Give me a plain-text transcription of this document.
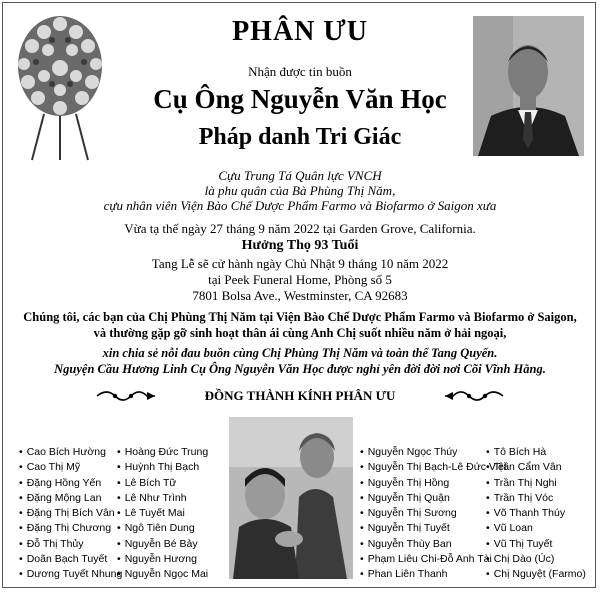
PHÂN ƯU
Nhận được tin buồn
Cụ Ông Nguyễn Văn Học
Pháp danh Tri Giác
Cựu Trung Tá Quân lực VNCH
là phu quân của Bà Phùng Thị Năm,
cựu nhân viên Viện Bào Chế Dược Phẩm Farmo và Biofarmo ở Saigon xưa
Vừa tạ thế ngày 27 tháng 9 năm 2022 tại Garden Grove, California.
Hưởng Thọ 93 Tuổi
Tang Lễ sẽ cử hành ngày Chủ Nhật 9 tháng 10 năm 2022
tại Peek Funeral Home, Phòng số 5
7801 Bolsa Ave., Westminster, CA 92683
Chúng tôi, các bạn của Chị Phùng Thị Năm tại Viện Bào Chế Dược Phẩm Farmo và Biofarmo ở Saigon,
và thường gặp gỡ sinh hoạt thân ái cùng Anh Chị suốt nhiều năm ở hải ngoại,
xin chia sẻ nỗi đau buồn cùng Chị Phùng Thị Năm và toàn thể Tang Quyến.
Nguyện Cầu Hương Linh Cụ Ông Nguyễn Văn Học được nghỉ yên đời đời nơi Cõi Vĩnh Hằng.
ĐỒNG THÀNH KÍNH PHÂN ƯU
• Cao Bích Hường
• Cao Thị Mỹ
• Đặng Hồng Yến
• Đặng Mộng Lan
• Đặng Thị Bích Vân
• Đặng Thị Chương
• Đỗ Thị Thủy
• Doãn Bạch Tuyết
• Dương Tuyết Nhung
• Hoàng Đức Trung
• Huỳnh Thị Bạch
• Lê Bích Tữ
• Lê Như Trình
• Lê Tuyết Mai
• Ngô Tiên Dung
• Nguyễn Bé Bảy
• Nguyễn Hương
• Nguyễn Ngọc Mai
• Nguyễn Ngọc Thúy
• Nguyễn Thị Bạch-Lê Đức Việt
• Nguyễn Thị Hồng
• Nguyễn Thị Quận
• Nguyễn Thị Sương
• Nguyễn Thị Tuyết
• Nguyễn Thùy Ban
• Phạm Liêu Chi-Đỗ Anh Tài
• Phan Liên Thanh
• Tô Bích Hà
• Trần Cẩm Vân
• Trần Thị Nghi
• Trần Thị Vóc
• Võ Thanh Thúy
• Vũ Loan
• Vũ Thị Tuyết
• Chị Dào (Úc)
• Chị Nguyệt (Farmo)
